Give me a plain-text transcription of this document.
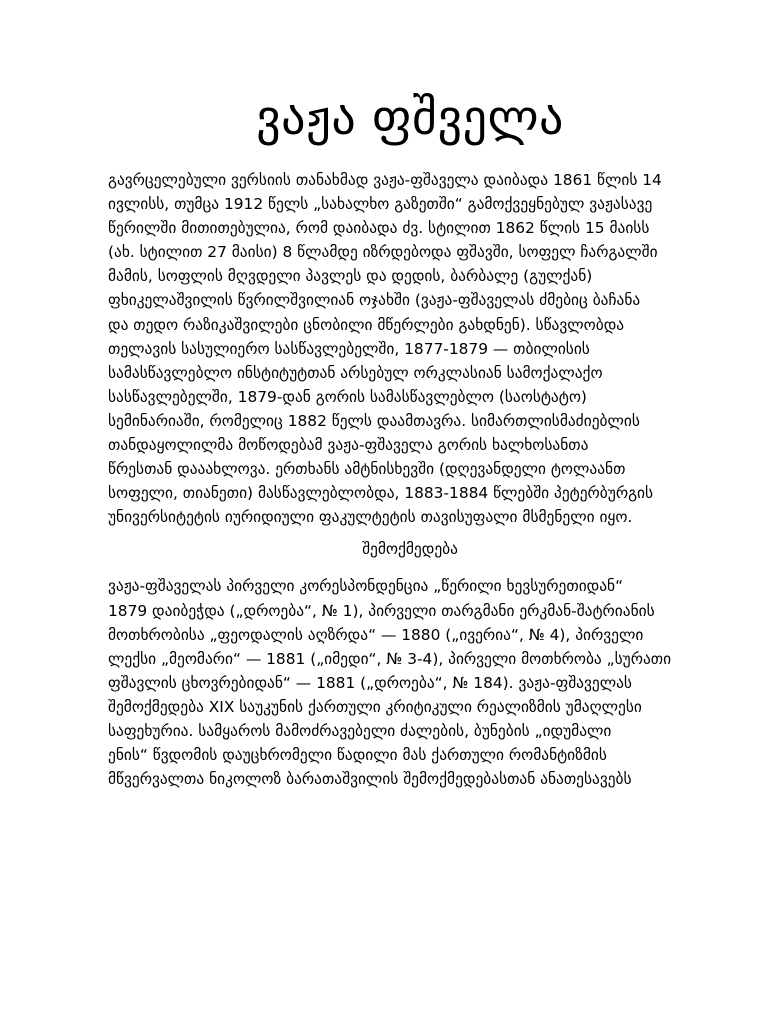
ვაჟა ფშველა

გავრცელებული ვერსიის თანახმად ვაჟა-ფშაველა დაიბადა 1861 წლის 14
ივლისს, თუმცა 1912 წელს „სახალხო გაზეთში“ გამოქვეყნებულ ვაჟასავე
წერილში მითითებულია, რომ დაიბადა ძვ. სტილით 1862 წლის 15 მაისს
(ახ. სტილით 27 მაისი) 8 წლამდე იზრდებოდა ფშავში, სოფელ ჩარგალში
მამის, სოფლის მღვდელი პავლეს და დედის, ბარბალე (გულქან)
ფხიკელაშვილის წვრილშვილიან ოჯახში (ვაჟა-ფშაველას ძმებიც ბაჩანა
და თედო რაზიკაშვილები ცნობილი მწერლები გახდნენ). სწავლობდა
თელავის სასულიერო სასწავლებელში, 1877-1879 — თბილისის
სამასწავლებლო ინსტიტუტთან არსებულ ორკლასიან სამოქალაქო
სასწავლებელში, 1879-დან გორის სამასწავლებლო (საოსტატო)
სემინარიაში, რომელიც 1882 წელს დაამთავრა. სიმართლისმაძიებლის
თანდაყოლილმა მოწოდებამ ვაჟა-ფშაველა გორის ხალხოსანთა
წრესთან დააახლოვა. ერთხანს ამტნისხევში (დღევანდელი ტოლაანთ
სოფელი, თიანეთი) მასწავლებლობდა, 1883-1884 წლებში პეტერბურგის
უნივერსიტეტის იურიდიული ფაკულტეტის თავისუფალი მსმენელი იყო.

შემოქმედება

ვაჟა-ფშაველას პირველი კორესპონდენცია „წერილი ხევსურეთიდან“
1879 დაიბეჭდა („დროება“, № 1), პირველი თარგმანი ერკმან-შატრიანის
მოთხრობისა „ფეოდალის აღზრდა“ — 1880 („ივერია“, № 4), პირველი
ლექსი „მეომარი“ — 1881 („იმედი“, № 3-4), პირველი მოთხრობა „სურათი
ფშავლის ცხოვრებიდან“ — 1881 („დროება“, № 184). ვაჟა-ფშაველას
შემოქმედება XIX საუკუნის ქართული კრიტიკული რეალიზმის უმაღლესი
საფეხურია. სამყაროს მამოძრავებელი ძალების, ბუნების „იდუმალი
ენის“ წვდომის დაუცხრომელი წადილი მას ქართული რომანტიზმის
მწვერვალთა ნიკოლოზ ბარათაშვილის შემოქმედებასთან ანათესავებს
